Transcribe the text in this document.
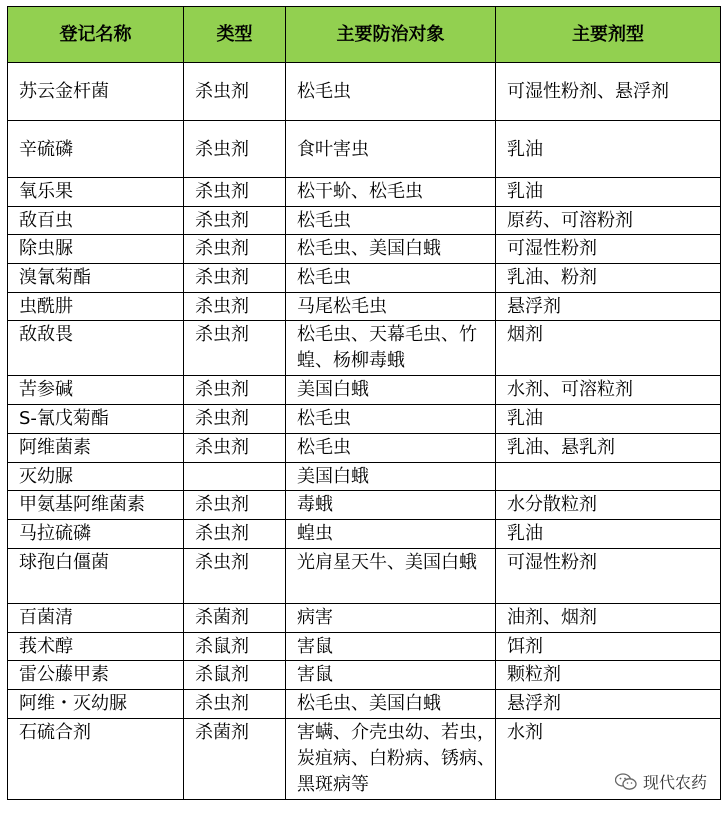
登记名称	类型	主要防治对象	主要剂型
苏云金杆菌	杀虫剂	松毛虫	可湿性粉剂、悬浮剂
辛硫磷	杀虫剂	食叶害虫	乳油
氧乐果	杀虫剂	松干蚧、松毛虫	乳油
敌百虫	杀虫剂	松毛虫	原药、可溶粉剂
除虫脲	杀虫剂	松毛虫、美国白蛾	可湿性粉剂
溴氰菊酯	杀虫剂	松毛虫	乳油、粉剂
虫酰肼	杀虫剂	马尾松毛虫	悬浮剂
敌敌畏	杀虫剂	松毛虫、天幕毛虫、竹蝗、杨柳毒蛾	烟剂
苦参碱	杀虫剂	美国白蛾	水剂、可溶粒剂
S-氰戊菊酯	杀虫剂	松毛虫	乳油
阿维菌素	杀虫剂	松毛虫	乳油、悬乳剂
灭幼脲		美国白蛾	
甲氨基阿维菌素	杀虫剂	毒蛾	水分散粒剂
马拉硫磷	杀虫剂	蝗虫	乳油
球孢白僵菌	杀虫剂	光肩星天牛、美国白蛾	可湿性粉剂
百菌清	杀菌剂	病害	油剂、烟剂
莪术醇	杀鼠剂	害鼠	饵剂
雷公藤甲素	杀鼠剂	害鼠	颗粒剂
阿维・灭幼脲	杀虫剂	松毛虫、美国白蛾	悬浮剂
石硫合剂	杀菌剂	害螨、介壳虫幼、若虫，炭疽病、白粉病、锈病、黑斑病等	水剂
现代农药
